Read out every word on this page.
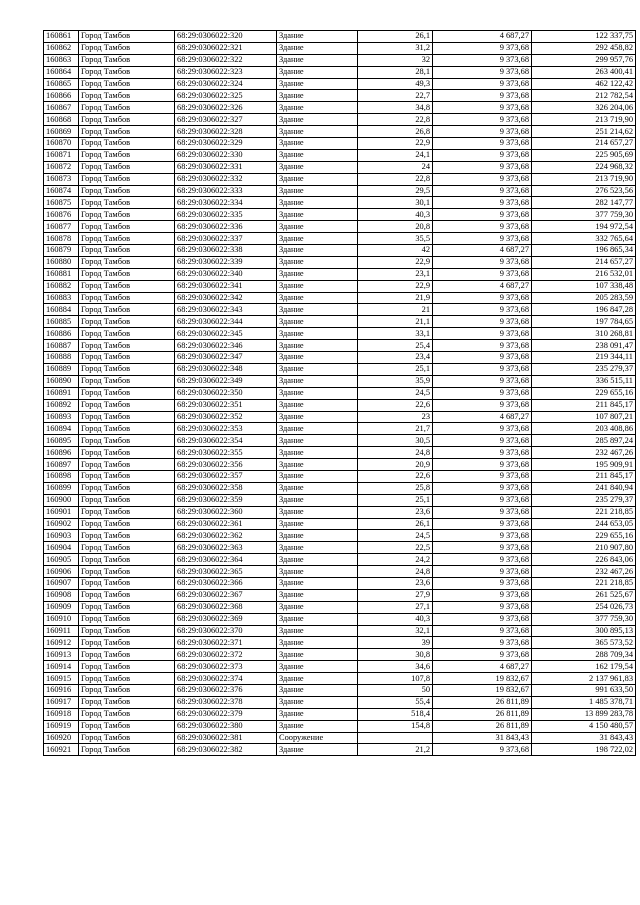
160861	Город Тамбов	68:29:0306022:320	Здание	26,1	4 687,27	122 337,75
160862	Город Тамбов	68:29:0306022:321	Здание	31,2	9 373,68	292 458,82
160863	Город Тамбов	68:29:0306022:322	Здание	32	9 373,68	299 957,76
160864	Город Тамбов	68:29:0306022:323	Здание	28,1	9 373,68	263 400,41
160865	Город Тамбов	68:29:0306022:324	Здание	49,3	9 373,68	462 122,42
160866	Город Тамбов	68:29:0306022:325	Здание	22,7	9 373,68	212 782,54
160867	Город Тамбов	68:29:0306022:326	Здание	34,8	9 373,68	326 204,06
160868	Город Тамбов	68:29:0306022:327	Здание	22,8	9 373,68	213 719,90
160869	Город Тамбов	68:29:0306022:328	Здание	26,8	9 373,68	251 214,62
160870	Город Тамбов	68:29:0306022:329	Здание	22,9	9 373,68	214 657,27
160871	Город Тамбов	68:29:0306022:330	Здание	24,1	9 373,68	225 905,69
160872	Город Тамбов	68:29:0306022:331	Здание	24	9 373,68	224 968,32
160873	Город Тамбов	68:29:0306022:332	Здание	22,8	9 373,68	213 719,90
160874	Город Тамбов	68:29:0306022:333	Здание	29,5	9 373,68	276 523,56
160875	Город Тамбов	68:29:0306022:334	Здание	30,1	9 373,68	282 147,77
160876	Город Тамбов	68:29:0306022:335	Здание	40,3	9 373,68	377 759,30
160877	Город Тамбов	68:29:0306022:336	Здание	20,8	9 373,68	194 972,54
160878	Город Тамбов	68:29:0306022:337	Здание	35,5	9 373,68	332 765,64
160879	Город Тамбов	68:29:0306022:338	Здание	42	4 687,27	196 865,34
160880	Город Тамбов	68:29:0306022:339	Здание	22,9	9 373,68	214 657,27
160881	Город Тамбов	68:29:0306022:340	Здание	23,1	9 373,68	216 532,01
160882	Город Тамбов	68:29:0306022:341	Здание	22,9	4 687,27	107 338,48
160883	Город Тамбов	68:29:0306022:342	Здание	21,9	9 373,68	205 283,59
160884	Город Тамбов	68:29:0306022:343	Здание	21	9 373,68	196 847,28
160885	Город Тамбов	68:29:0306022:344	Здание	21,1	9 373,68	197 784,65
160886	Город Тамбов	68:29:0306022:345	Здание	33,1	9 373,68	310 268,81
160887	Город Тамбов	68:29:0306022:346	Здание	25,4	9 373,68	238 091,47
160888	Город Тамбов	68:29:0306022:347	Здание	23,4	9 373,68	219 344,11
160889	Город Тамбов	68:29:0306022:348	Здание	25,1	9 373,68	235 279,37
160890	Город Тамбов	68:29:0306022:349	Здание	35,9	9 373,68	336 515,11
160891	Город Тамбов	68:29:0306022:350	Здание	24,5	9 373,68	229 655,16
160892	Город Тамбов	68:29:0306022:351	Здание	22,6	9 373,68	211 845,17
160893	Город Тамбов	68:29:0306022:352	Здание	23	4 687,27	107 807,21
160894	Город Тамбов	68:29:0306022:353	Здание	21,7	9 373,68	203 408,86
160895	Город Тамбов	68:29:0306022:354	Здание	30,5	9 373,68	285 897,24
160896	Город Тамбов	68:29:0306022:355	Здание	24,8	9 373,68	232 467,26
160897	Город Тамбов	68:29:0306022:356	Здание	20,9	9 373,68	195 909,91
160898	Город Тамбов	68:29:0306022:357	Здание	22,6	9 373,68	211 845,17
160899	Город Тамбов	68:29:0306022:358	Здание	25,8	9 373,68	241 840,94
160900	Город Тамбов	68:29:0306022:359	Здание	25,1	9 373,68	235 279,37
160901	Город Тамбов	68:29:0306022:360	Здание	23,6	9 373,68	221 218,85
160902	Город Тамбов	68:29:0306022:361	Здание	26,1	9 373,68	244 653,05
160903	Город Тамбов	68:29:0306022:362	Здание	24,5	9 373,68	229 655,16
160904	Город Тамбов	68:29:0306022:363	Здание	22,5	9 373,68	210 907,80
160905	Город Тамбов	68:29:0306022:364	Здание	24,2	9 373,68	226 843,06
160906	Город Тамбов	68:29:0306022:365	Здание	24,8	9 373,68	232 467,26
160907	Город Тамбов	68:29:0306022:366	Здание	23,6	9 373,68	221 218,85
160908	Город Тамбов	68:29:0306022:367	Здание	27,9	9 373,68	261 525,67
160909	Город Тамбов	68:29:0306022:368	Здание	27,1	9 373,68	254 026,73
160910	Город Тамбов	68:29:0306022:369	Здание	40,3	9 373,68	377 759,30
160911	Город Тамбов	68:29:0306022:370	Здание	32,1	9 373,68	300 895,13
160912	Город Тамбов	68:29:0306022:371	Здание	39	9 373,68	365 573,52
160913	Город Тамбов	68:29:0306022:372	Здание	30,8	9 373,68	288 709,34
160914	Город Тамбов	68:29:0306022:373	Здание	34,6	4 687,27	162 179,54
160915	Город Тамбов	68:29:0306022:374	Здание	107,8	19 832,67	2 137 961,83
160916	Город Тамбов	68:29:0306022:376	Здание	50	19 832,67	991 633,50
160917	Город Тамбов	68:29:0306022:378	Здание	55,4	26 811,89	1 485 378,71
160918	Город Тамбов	68:29:0306022:379	Здание	518,4	26 811,89	13 899 283,78
160919	Город Тамбов	68:29:0306022:380	Здание	154,8	26 811,89	4 150 480,57
160920	Город Тамбов	68:29:0306022:381	Сооружение		31 843,43	31 843,43
160921	Город Тамбов	68:29:0306022:382	Здание	21,2	9 373,68	198 722,02
